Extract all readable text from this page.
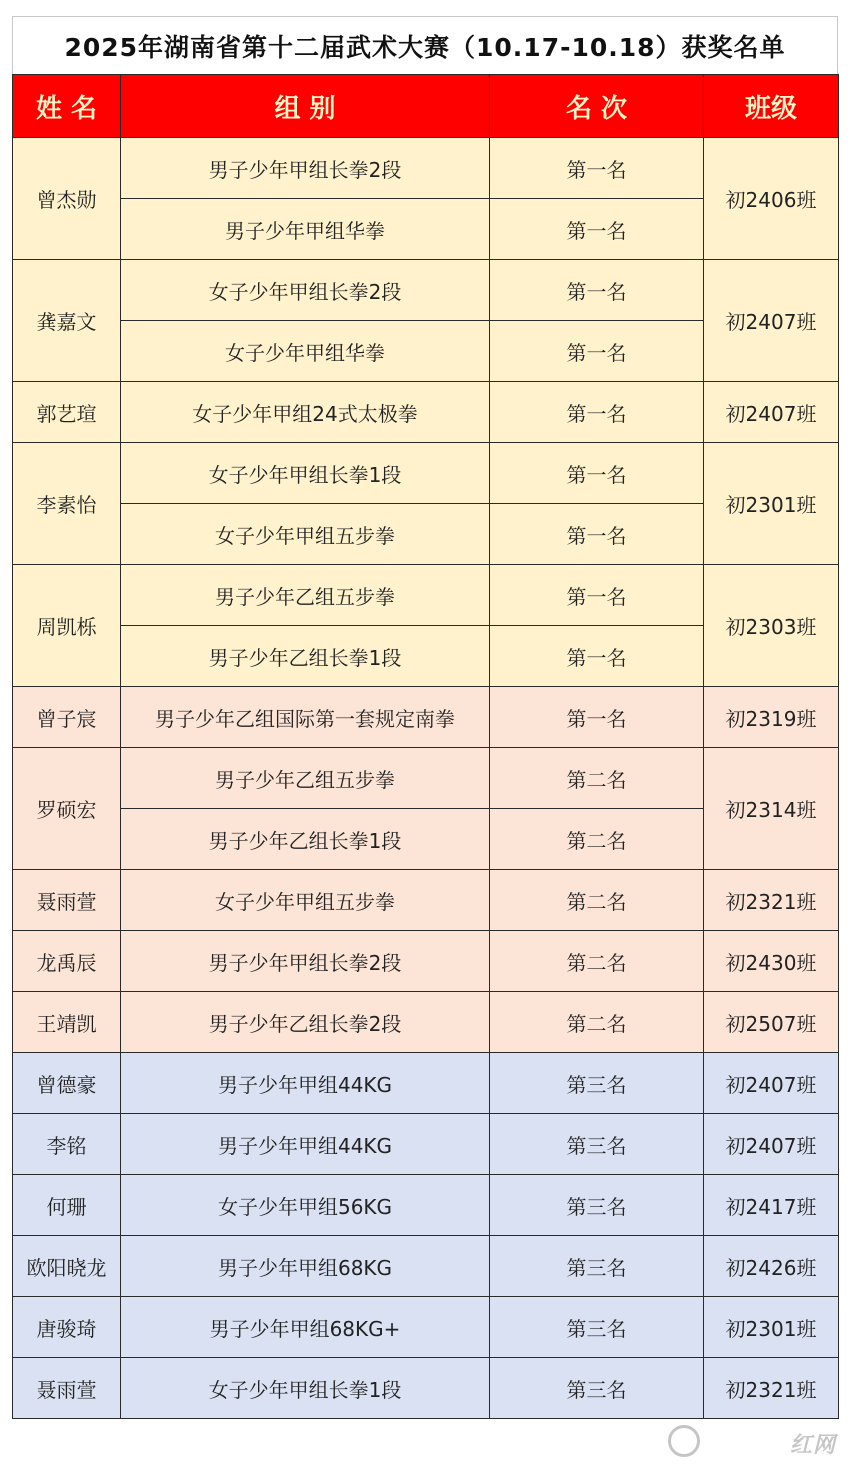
2025年湖南省第十二届武术大赛（10.17-10.18）获奖名单
姓 名	组 别	名 次	班级
曾杰勋	男子少年甲组长拳2段	第一名	初2406班
	男子少年甲组华拳	第一名	
龚嘉文	女子少年甲组长拳2段	第一名	初2407班
	女子少年甲组华拳	第一名	
郭艺瑄	女子少年甲组24式太极拳	第一名	初2407班
李素怡	女子少年甲组长拳1段	第一名	初2301班
	女子少年甲组五步拳	第一名	
周凯栎	男子少年乙组五步拳	第一名	初2303班
	男子少年乙组长拳1段	第一名	
曾子宸	男子少年乙组国际第一套规定南拳	第一名	初2319班
罗硕宏	男子少年乙组五步拳	第二名	初2314班
	男子少年乙组长拳1段	第二名	
聂雨萱	女子少年甲组五步拳	第二名	初2321班
龙禹辰	男子少年甲组长拳2段	第二名	初2430班
王靖凯	男子少年乙组长拳2段	第二名	初2507班
曾德豪	男子少年甲组44KG	第三名	初2407班
李铭	男子少年甲组44KG	第三名	初2407班
何珊	女子少年甲组56KG	第三名	初2417班
欧阳晓龙	男子少年甲组68KG	第三名	初2426班
唐骏琦	男子少年甲组68KG+	第三名	初2301班
聂雨萱	女子少年甲组长拳1段	第三名	初2321班
红网
